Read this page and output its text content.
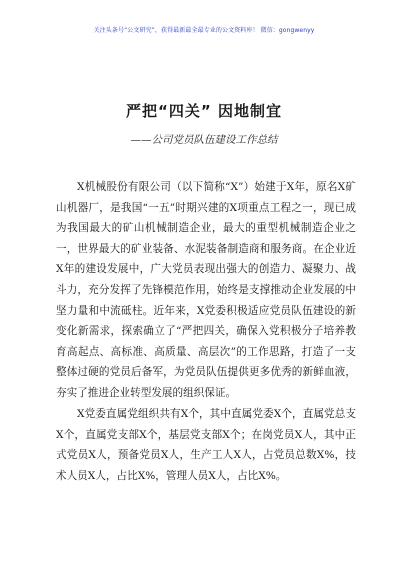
关注头条号“公文研究”，获得最新最全最专业的公文资料库！ 微信：gongwenyy
严把“四关” 因地制宜
——公司党员队伍建设工作总结

X机械股份有限公司（以下简称“X”）始建于X年，原名X矿山机器厂，是我国“一五”时期兴建的X项重点工程之一，现已成为我国最大的矿山机械制造企业，最大的重型机械制造企业之一，世界最大的矿业装备、水泥装备制造商和服务商。在企业近X年的建设发展中，广大党员表现出强大的创造力、凝聚力、战斗力，充分发挥了先锋模范作用，始终是支撑推动企业发展的中坚力量和中流砥柱。近年来，X党委积极适应党员队伍建设的新变化新需求，探索确立了“严把四关，确保入党积极分子培养教育高起点、高标准、高质量、高层次”的工作思路，打造了一支整体过硬的党员后备军，为党员队伍提供更多优秀的新鲜血液，夯实了推进企业转型发展的组织保证。

X党委直属党组织共有X个，其中直属党委X个，直属党总支X个，直属党支部X个，基层党支部X个；在岗党员X人，其中正式党员X人，预备党员X人，生产工人X人，占党员总数X%，技术人员X人，占比X%，管理人员X人，占比X%。
